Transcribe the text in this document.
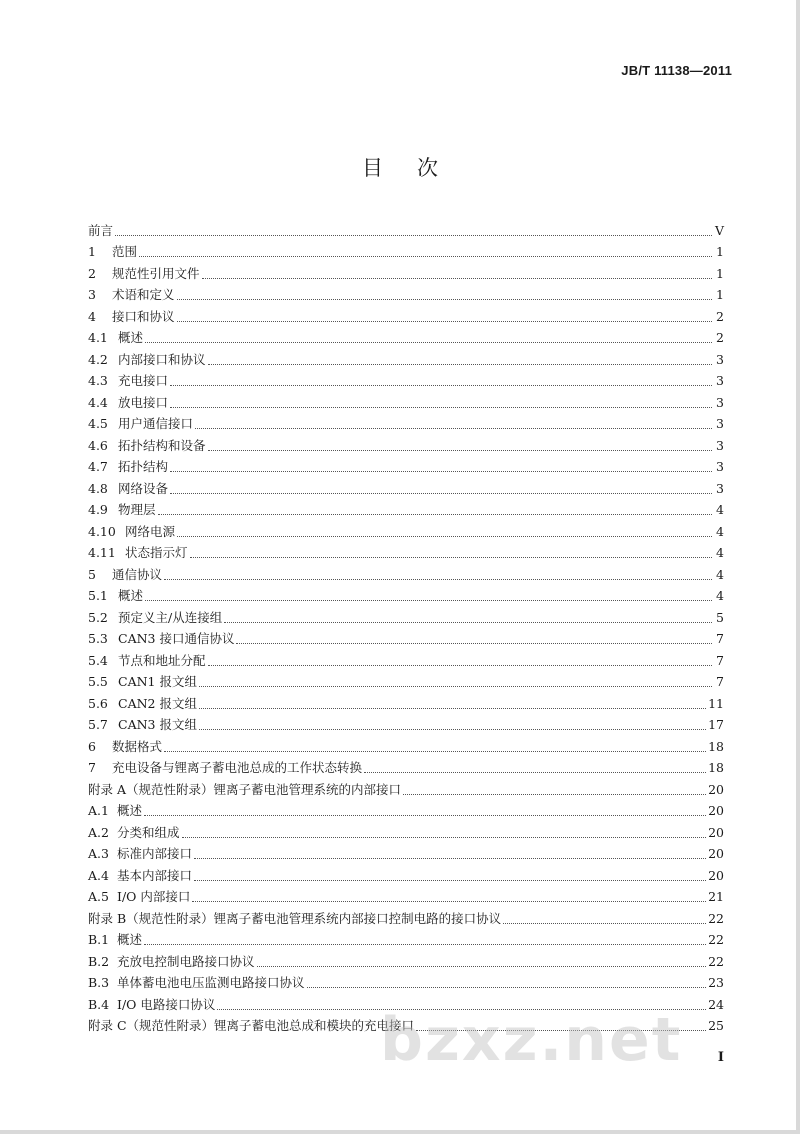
JB/T 11138—2011
目次
前言	V
1 范围	1
2 规范性引用文件	1
3 术语和定义	1
4 接口和协议	2
4.1 概述	2
4.2 内部接口和协议	3
4.3 充电接口	3
4.4 放电接口	3
4.5 用户通信接口	3
4.6 拓扑结构和设备	3
4.7 拓扑结构	3
4.8 网络设备	3
4.9 物理层	4
4.10 网络电源	4
4.11 状态指示灯	4
5 通信协议	4
5.1 概述	4
5.2 预定义主/从连接组	5
5.3 CAN3 接口通信协议	7
5.4 节点和地址分配	7
5.5 CAN1 报文组	7
5.6 CAN2 报文组	11
5.7 CAN3 报文组	17
6 数据格式	18
7 充电设备与锂离子蓄电池总成的工作状态转换	18
附录 A（规范性附录）锂离子蓄电池管理系统的内部接口	20
A.1 概述	20
A.2 分类和组成	20
A.3 标准内部接口	20
A.4 基本内部接口	20
A.5 I/O 内部接口	21
附录 B（规范性附录）锂离子蓄电池管理系统内部接口控制电路的接口协议	22
B.1 概述	22
B.2 充放电控制电路接口协议	22
B.3 单体蓄电池电压监测电路接口协议	23
B.4 I/O 电路接口协议	24
附录 C（规范性附录）锂离子蓄电池总成和模块的充电接口	25
I
bzxz.net
